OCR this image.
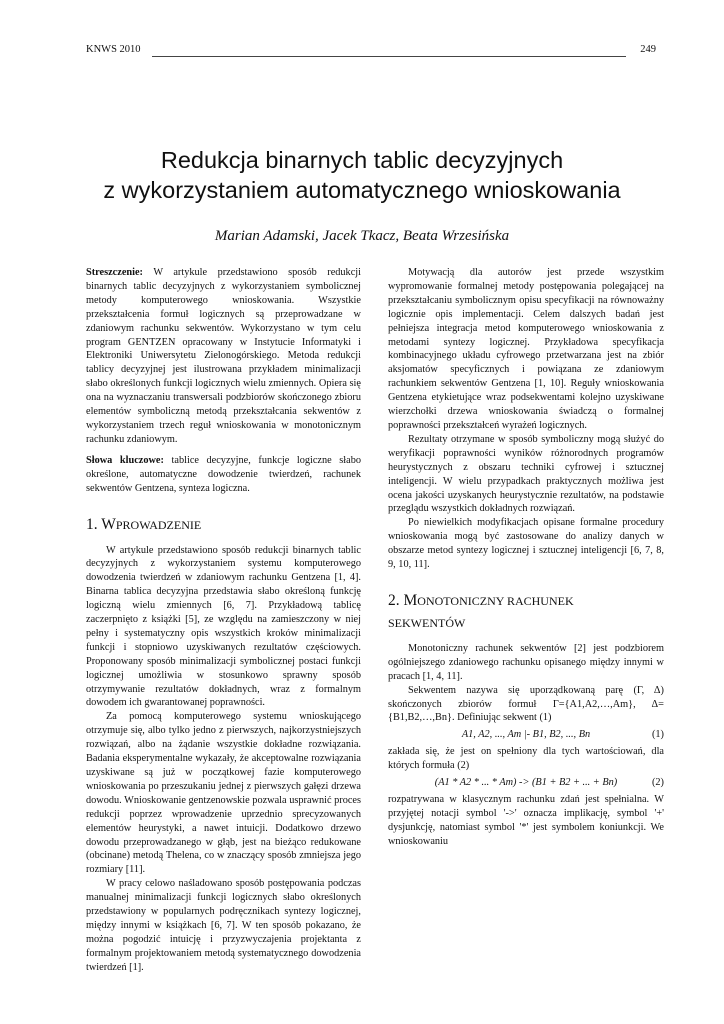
KNWS 2010	249
Redukcja binarnych tablic decyzyjnych
z wykorzystaniem automatycznego wnioskowania
Marian Adamski, Jacek Tkacz, Beata Wrzesińska

Streszczenie: W artykule przedstawiono sposób redukcji binarnych tablic decyzyjnych z wykorzystaniem symbolicznej metody komputerowego wnioskowania. Wszystkie przekształcenia formuł logicznych są przeprowadzane w zdaniowym rachunku sekwentów. Wykorzystano w tym celu program GENTZEN opracowany w Instytucie Informatyki i Elektroniki Uniwersytetu Zielonogórskiego. Metoda redukcji tablicy decyzyjnej jest ilustrowana przykładem minimalizacji słabo określonych funkcji logicznych wielu zmiennych. Opiera się ona na wyznaczaniu transwersali podzbiorów skończonego zbioru elementów symboliczną metodą przekształcania sekwentów z wykorzystaniem trzech reguł wnioskowania w monotonicznym rachunku zdaniowym.

Słowa kluczowe: tablice decyzyjne, funkcje logiczne słabo określone, automatyczne dowodzenie twierdzeń, rachunek sekwentów Gentzena, synteza logiczna.

1. WPROWADZENIE

W artykule przedstawiono sposób redukcji binarnych tablic decyzyjnych z wykorzystaniem systemu komputerowego dowodzenia twierdzeń w zdaniowym rachunku Gentzena [1, 4]. Binarna tablica decyzyjna przedstawia słabo określoną funkcję logiczną wielu zmiennych [6, 7]. Przykładową tablicę zaczerpnięto z książki [5], ze względu na zamieszczony w niej pełny i systematyczny opis wszystkich kroków minimalizacji funkcji i stopniowo uzyskiwanych rezultatów częściowych. Proponowany sposób minimalizacji symbolicznej postaci funkcji logicznej umożliwia w stosunkowo sprawny sposób otrzymywanie rezultatów dokładnych, wraz z formalnym dowodem ich gwarantowanej poprawności.

Za pomocą komputerowego systemu wnioskującego otrzymuje się, albo tylko jedno z pierwszych, najkorzystniejszych rozwiązań, albo na żądanie wszystkie dokładne rozwiązania. Badania eksperymentalne wykazały, że akceptowalne rozwiązania uzyskiwane są już w początkowej fazie komputerowego wnioskowania po przeszukaniu jednej z pierwszych gałęzi drzewa dowodu. Wnioskowanie gentzenowskie pozwala usprawnić proces redukcji poprzez wprowadzenie uprzednio sprecyzowanych elementów heurystyki, a nawet intuicji. Dodatkowo drzewo dowodu przeprowadzanego w głąb, jest na bieżąco redukowane (obcinane) metodą Thelena, co w znaczący sposób zmniejsza jego rozmiary [11].

W pracy celowo naśladowano sposób postępowania podczas manualnej minimalizacji funkcji logicznych słabo określonych przedstawiony w popularnych podręcznikach syntezy logicznej, między innymi w książkach [6, 7]. W ten sposób pokazano, że można pogodzić intuicję i przyzwyczajenia projektanta z formalnym projektowaniem metodą systematycznego dowodzenia twierdzeń [1].

Motywacją dla autorów jest przede wszystkim wypromowanie formalnej metody postępowania polegającej na przekształcaniu symbolicznym opisu specyfikacji na równoważny logicznie opis implementacji. Celem dalszych badań jest pełniejsza integracja metod komputerowego wnioskowania z metodami syntezy logicznej. Przykładowa specyfikacja kombinacyjnego układu cyfrowego przetwarzana jest na zbiór aksjomatów specyficznych i powiązana ze zdaniowym rachunkiem sekwentów Gentzena [1, 10]. Reguły wnioskowania Gentzena etykietujące wraz podsekwentami kolejno uzyskiwane wierzchołki drzewa wnioskowania świadczą o formalnej poprawności przekształceń wyrażeń logicznych.

Rezultaty otrzymane w sposób symboliczny mogą służyć do weryfikacji poprawności wyników różnorodnych programów heurystycznych z obszaru techniki cyfrowej i sztucznej inteligencji. W wielu przypadkach praktycznych możliwa jest ocena jakości uzyskanych heurystycznie rezultatów, na podstawie przeglądu wszystkich dokładnych rozwiązań.

Po niewielkich modyfikacjach opisane formalne procedury wnioskowania mogą być zastosowane do analizy danych w obszarze metod syntezy logicznej i sztucznej inteligencji [6, 7, 8, 9, 10, 11].

2. MONOTONICZNY RACHUNEK
SEKWENTÓW

Monotoniczny rachunek sekwentów [2] jest podzbiorem ogólniejszego zdaniowego rachunku opisanego między innymi w pracach [1, 4, 11].

Sekwentem nazywa się uporządkowaną parę (Γ, Δ) skończonych zbiorów formuł Γ={A1,A2,…,Am}, Δ={B1,B2,…,Bn}. Definiując sekwent (1)

A1, A2, ..., Am |- B1, B2, ..., Bn	(1)

zakłada się, że jest on spełniony dla tych wartościowań, dla których formuła (2)

(A1 * A2 * ... * Am) -> (B1 + B2 + ... + Bn)	(2)

rozpatrywana w klasycznym rachunku zdań jest spełnialna. W przyjętej notacji symbol '->' oznacza implikację, symbol '+' dysjunkcję, natomiast symbol '*' jest symbolem koniunkcji. We wnioskowaniu
